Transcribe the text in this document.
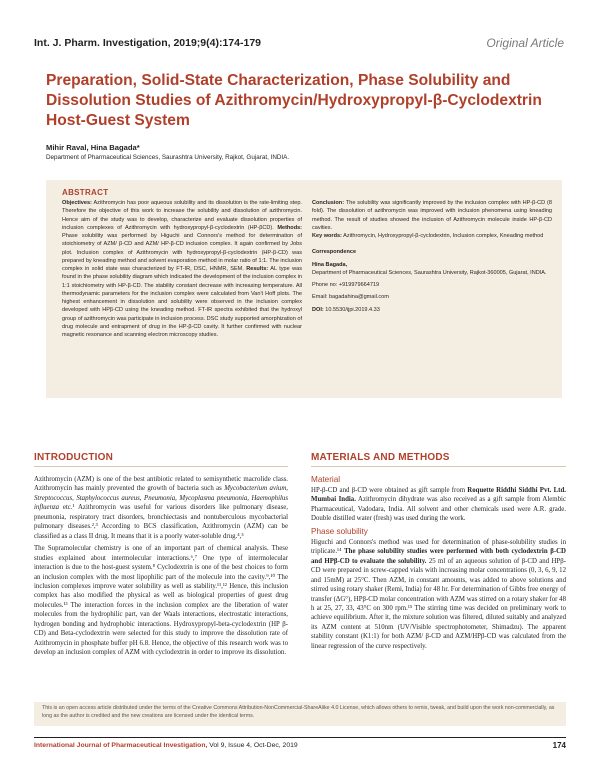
Int. J. Pharm. Investigation, 2019;9(4):174-179	Original Article
Preparation, Solid-State Characterization, Phase Solubility and Dissolution Studies of Azithromycin/Hydroxypropyl-β-Cyclodextrin Host-Guest System
Mihir Raval, Hina Bagada*
Department of Pharmaceutical Sciences, Saurashtra University, Rajkot, Gujarat, INDIA.
ABSTRACT
Objectives: Azithromycin has poor aqueous solubility and its dissolution is the rate-limiting step. Therefore the objective of this work to increase the solubility and dissolution of azithromycin. Hence aim of the study was to develop, characterize and evaluate dissolution properties of inclusion complexes of Azithromycin with hydroxypropyl-β-cyclodextrin (HP-βCD). Methods: Phase solubility was performed by Higuchi and Connors's method for determination of stoichiometry of AZM/ β-CD and AZM/ HP-β-CD inclusion complex. It again confirmed by Jobs plot. Inclusion complex of Azithromycin with hydroxypropyl-β-cyclodextrin (HP-β-CD) was prepared by kneading method and solvent evaporation method in molar ratio of 1:1. The inclusion complex in solid state was characterized by FT-IR, DSC, HNMR, SEM. Results: AL type was found in the phase solubility diagram which indicated the development of the inclusion complex in 1:1 stoichiometry with HP-β-CD. The stability constant decrease with increasing temperature. All thermodynamic parameters for the inclusion complex were calculated from Van't Hoff plots. The highest enhancement in dissolution and solubility were observed in the inclusion complex developed with HPβ-CD using the kneading method. FT-IR spectra exhibited that the hydroxyl group of azithromycin was participate in inclusion process. DSC study supported amorphization of drug molecule and entrapment of drug in the HP-β-CD cavity. It further confirmed with nuclear magnetic resonance and scanning electron microscopy studies.
Conclusion: The solubility was significantly improved by the inclusion complex with HP-β-CD (8 fold). The dissolution of azithromycin was improved with inclusion phenomena using kneading method. The result of studies showed the inclusion of Azithromycin molecule inside HP-β-CD cavities.
Key words: Azithromycin, Hydroxypropyl-β-cyclodextrin, Inclusion complex, Kneading method
Correspondence
Hina Bagada,
Department of Pharmaceutical Sciences, Saurashtra University, Rajkot-360005, Gujarat, INDIA.
Phone no: +919979664719
Email: bagadahina@gmail.com
DOI: 10.5530/ijpi.2019.4.33
INTRODUCTION
Azithromycin (AZM) is one of the best antibiotic related to semisynthetic macrolide class. Azithromycin has mainly prevented the growth of bacteria such as Mycobacterium avium, Streptococcus, Staphylococcus aureus, Pneumonia, Mycoplasma pneumonia, Haemophilus influenza etc.¹ Azithromycin was useful for various disorders like pulmonary disease, pneumonia, respiratory tract disorders, bronchiectasis and nontuberculous mycobacterial pulmonary diseases.²,³ According to BCS classification, Azithromycin (AZM) can be classified as a class II drug. It means that it is a poorly water-soluble drug.⁴,⁵
The Supramolecular chemistry is one of an important part of chemical analysis. These studies explained about intermolecular interactions.⁶,⁷ One type of intermolecular interaction is due to the host-guest system.⁸ Cyclodextrin is one of the best choices to form an inclusion complex with the most lipophilic part of the molecule into the cavity.⁹,¹⁰ The inclusion complexes improve water solubility as well as stability.¹¹,¹² Hence, this inclusion complex has also modified the physical as well as biological properties of guest drug molecules.¹³ The interaction forces in the inclusion complex are the liberation of water molecules from the hydrophilic part, van der Waals interactions, electrostatic interactions, hydrogen bonding and hydrophobic interactions. Hydroxypropyl-beta-cyclodextrin (HP β-CD) and Beta-cyclodextrin were selected for this study to improve the dissolution rate of Azithromycin in phosphate buffer pH 6.8. Hence, the objective of this research work was to develop an inclusion complex of AZM with cyclodextrin in order to improve its dissolution.
MATERIALS AND METHODS
Material
HP-β-CD and β-CD were obtained as gift sample from Roquette Riddhi Siddhi Pvt. Ltd. Mumbai India. Azithromycin dihydrate was also received as a gift sample from Alembic Pharmaceutical, Vadodara, India. All solvent and other chemicals used were A.R. grade. Double distilled water (fresh) was used during the work.
Phase solubility
Higuchi and Connors's method was used for determination of phase-solubility studies in triplicate.¹⁴ The phase solubility studies were performed with both cyclodextrin β-CD and HPβ-CD to evaluate the solubility. 25 ml of an aqueous solution of β-CD and HPβ-CD were prepared in screw-capped vials with increasing molar concentrations (0, 3, 6, 9, 12 and 15mM) at 25°C. Then AZM, in constant amounts, was added to above solutions and stirred using rotary shaker (Remi, India) for 48 hr. For determination of Gibbs free energy of transfer (ΔG°), HPβ-CD molar concentration with AZM was stirred on a rotary shaker for 48 h at 25, 27, 33, 43°C on 300 rpm.¹⁵ The stirring time was decided on preliminary work to achieve equilibrium. After it, the mixture solution was filtered, diluted suitably and analyzed its AZM content at 510nm (UV/Visible spectrophotometer, Shimadzu). The apparent stability constant (K1:1) for both AZM/ β-CD and AZM/HPβ-CD was calculated from the linear regression of the curve respectively.
This is an open access article distributed under the terms of the Creative Commons Attribution-NonCommercial-ShareAlike 4.0 License, which allows others to remix, tweak, and build upon the work non-commercially, as long as the author is credited and the new creations are licensed under the identical terms.
International Journal of Pharmaceutical Investigation, Vol 9, Issue 4, Oct-Dec, 2019	174
